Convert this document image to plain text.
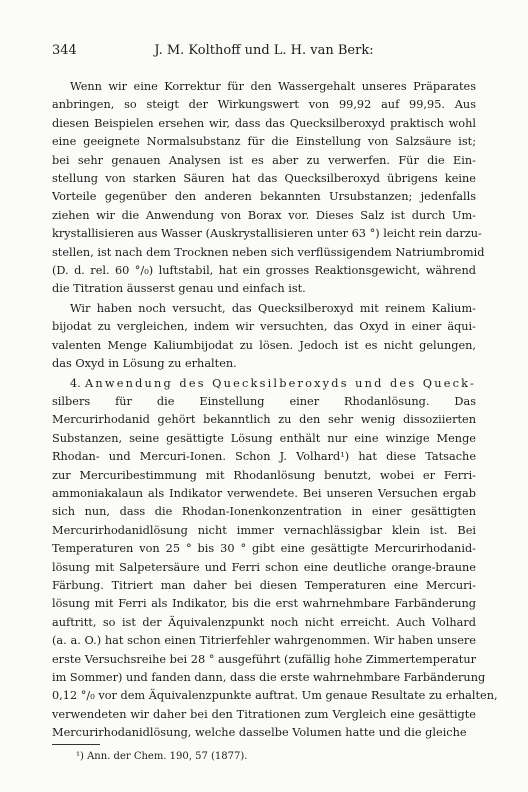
344	J. M. Kolthoff und L. H. van Berk:
Wenn wir eine Korrektur für den Wassergehalt unseres Präparates
anbringen, so steigt der Wirkungswert von 99,92 auf 99,95. Aus
diesen Beispielen ersehen wir, dass das Quecksilberoxyd praktisch wohl
eine geeignete Normalsubstanz für die Einstellung von Salzsäure ist;
bei sehr genauen Analysen ist es aber zu verwerfen. Für die Ein-
stellung von starken Säuren hat das Quecksilberoxyd übrigens keine
Vorteile gegenüber den anderen bekannten Ursubstanzen; jedenfalls
ziehen wir die Anwendung von Borax vor. Dieses Salz ist durch Um-
krystallisieren aus Wasser (Auskrystallisieren unter 63 °) leicht rein darzu-
stellen, ist nach dem Trocknen neben sich verflüssigendem Natriumbromid
(D. d. rel. 60 °/₀) luftstabil, hat ein grosses Reaktionsgewicht, während
die Titration äusserst genau und einfach ist.
Wir haben noch versucht, das Quecksilberoxyd mit reinem Kalium-
bijodat zu vergleichen, indem wir versuchten, das Oxyd in einer äqui-
valenten Menge Kaliumbijodat zu lösen. Jedoch ist es nicht gelungen,
das Oxyd in Lösung zu erhalten.
4. Anwendung des Quecksilberoxyds und des Queck-
silbers für die Einstellung einer Rhodanlösung. Das
Mercurirhodanid gehört bekanntlich zu den sehr wenig dissoziierten
Substanzen, seine gesättigte Lösung enthält nur eine winzige Menge
Rhodan- und Mercuri-Ionen. Schon J. Volhard¹) hat diese Tatsache
zur Mercuribestimmung mit Rhodanlösung benutzt, wobei er Ferri-
ammoniakalaun als Indikator verwendete. Bei unseren Versuchen ergab
sich nun, dass die Rhodan-Ionenkonzentration in einer gesättigten
Mercurirhodanidlösung nicht immer vernachlässigbar klein ist. Bei
Temperaturen von 25 ° bis 30 ° gibt eine gesättigte Mercurirhodanid-
lösung mit Salpetersäure und Ferri schon eine deutliche orange-braune
Färbung. Titriert man daher bei diesen Temperaturen eine Mercuri-
lösung mit Ferri als Indikator, bis die erst wahrnehmbare Farbänderung
auftritt, so ist der Äquivalenzpunkt noch nicht erreicht. Auch Volhard
(a. a. O.) hat schon einen Titrierfehler wahrgenommen. Wir haben unsere
erste Versuchsreihe bei 28 ° ausgeführt (zufällig hohe Zimmertemperatur
im Sommer) und fanden dann, dass die erste wahrnehmbare Farbänderung
0,12 °/₀ vor dem Äquivalenzpunkte auftrat. Um genaue Resultate zu erhalten,
verwendeten wir daher bei den Titrationen zum Vergleich eine gesättigte
Mercurirhodanidlösung, welche dasselbe Volumen hatte und die gleiche
¹) Ann. der Chem. 190, 57 (1877).
